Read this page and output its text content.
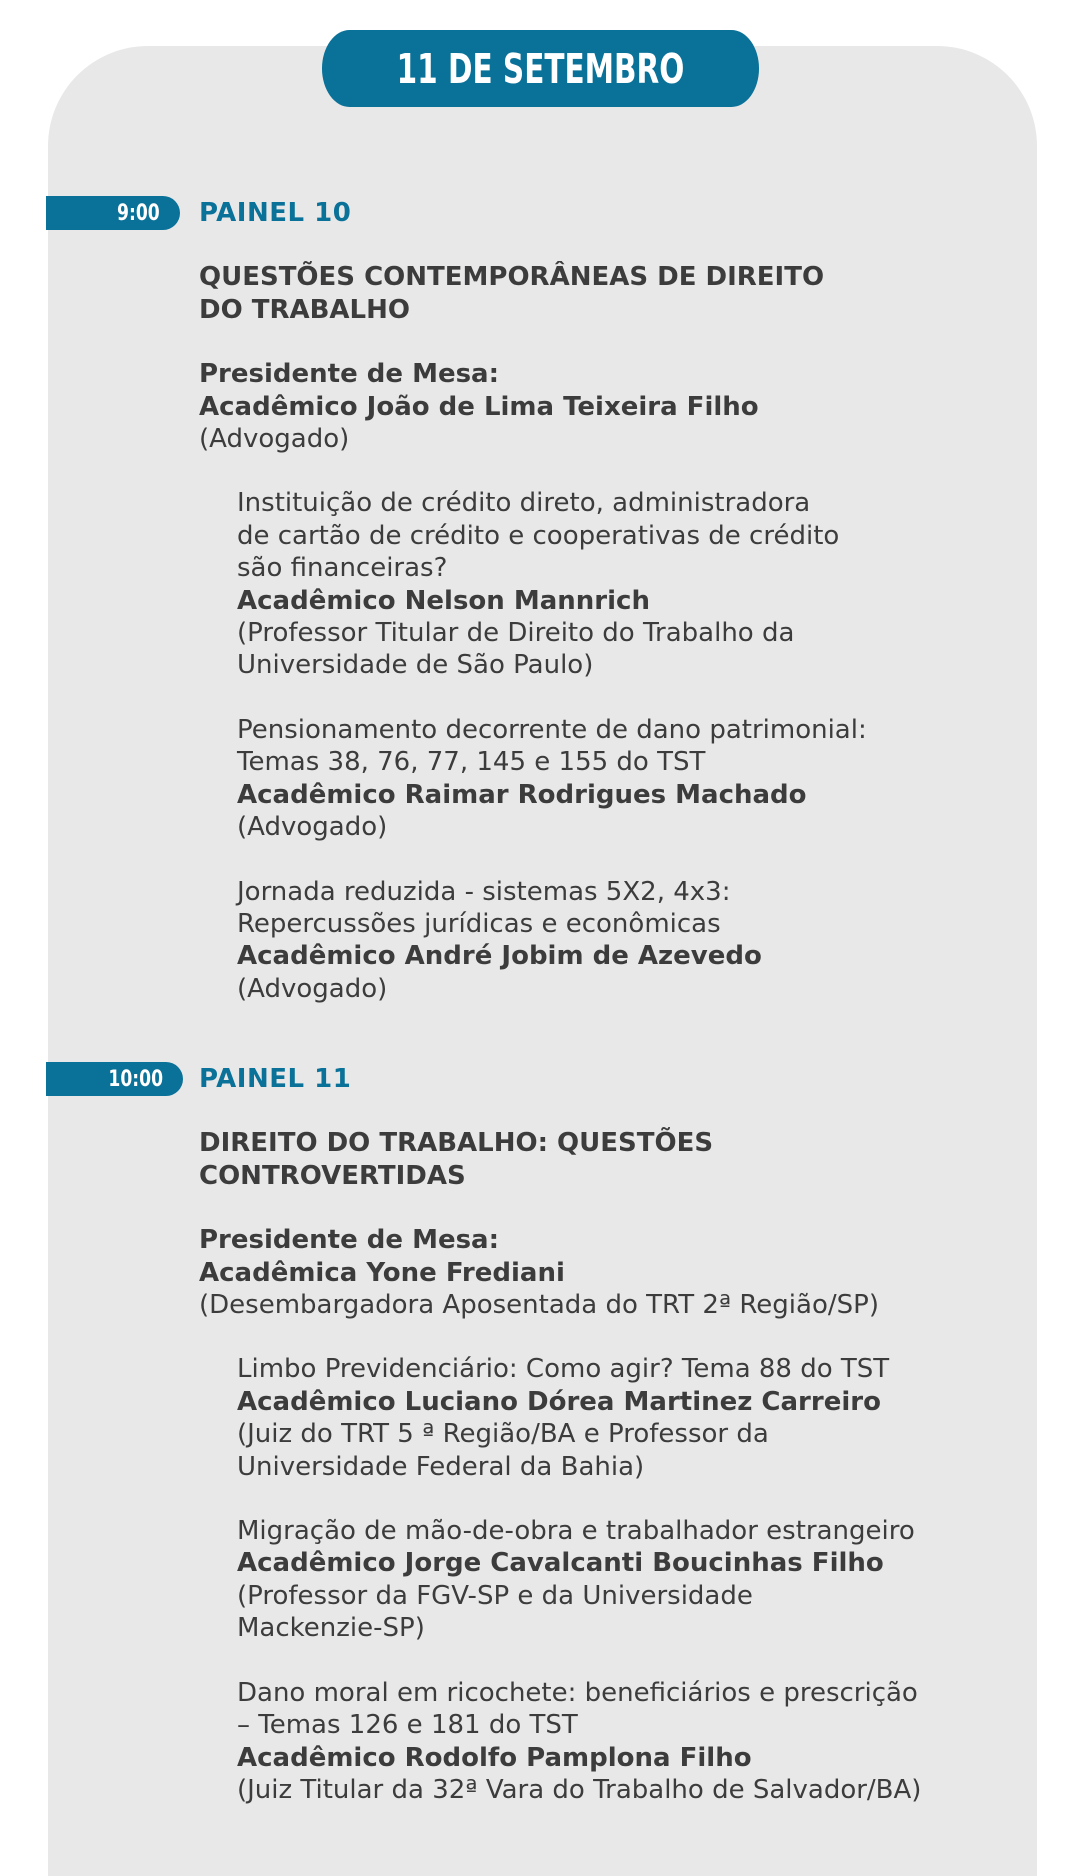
11 DE SETEMBRO
9:00 PAINEL 10
QUESTÕES CONTEMPORÂNEAS DE DIREITO
DO TRABALHO
Presidente de Mesa:
Acadêmico João de Lima Teixeira Filho
(Advogado)
Instituição de crédito direto, administradora
de cartão de crédito e cooperativas de crédito
são financeiras?
Acadêmico Nelson Mannrich
(Professor Titular de Direito do Trabalho da
Universidade de São Paulo)
Pensionamento decorrente de dano patrimonial:
Temas 38, 76, 77, 145 e 155 do TST
Acadêmico Raimar Rodrigues Machado
(Advogado)
Jornada reduzida - sistemas 5X2, 4x3:
Repercussões jurídicas e econômicas
Acadêmico André Jobim de Azevedo
(Advogado)
10:00 PAINEL 11
DIREITO DO TRABALHO: QUESTÕES
CONTROVERTIDAS
Presidente de Mesa:
Acadêmica Yone Frediani
(Desembargadora Aposentada do TRT 2ª Região/SP)
Limbo Previdenciário: Como agir? Tema 88 do TST
Acadêmico Luciano Dórea Martinez Carreiro
(Juiz do TRT 5 ª Região/BA e Professor da
Universidade Federal da Bahia)
Migração de mão-de-obra e trabalhador estrangeiro
Acadêmico Jorge Cavalcanti Boucinhas Filho
(Professor da FGV-SP e da Universidade
Mackenzie-SP)
Dano moral em ricochete: beneficiários e prescrição
– Temas 126 e 181 do TST
Acadêmico Rodolfo Pamplona Filho
(Juiz Titular da 32ª Vara do Trabalho de Salvador/BA)
